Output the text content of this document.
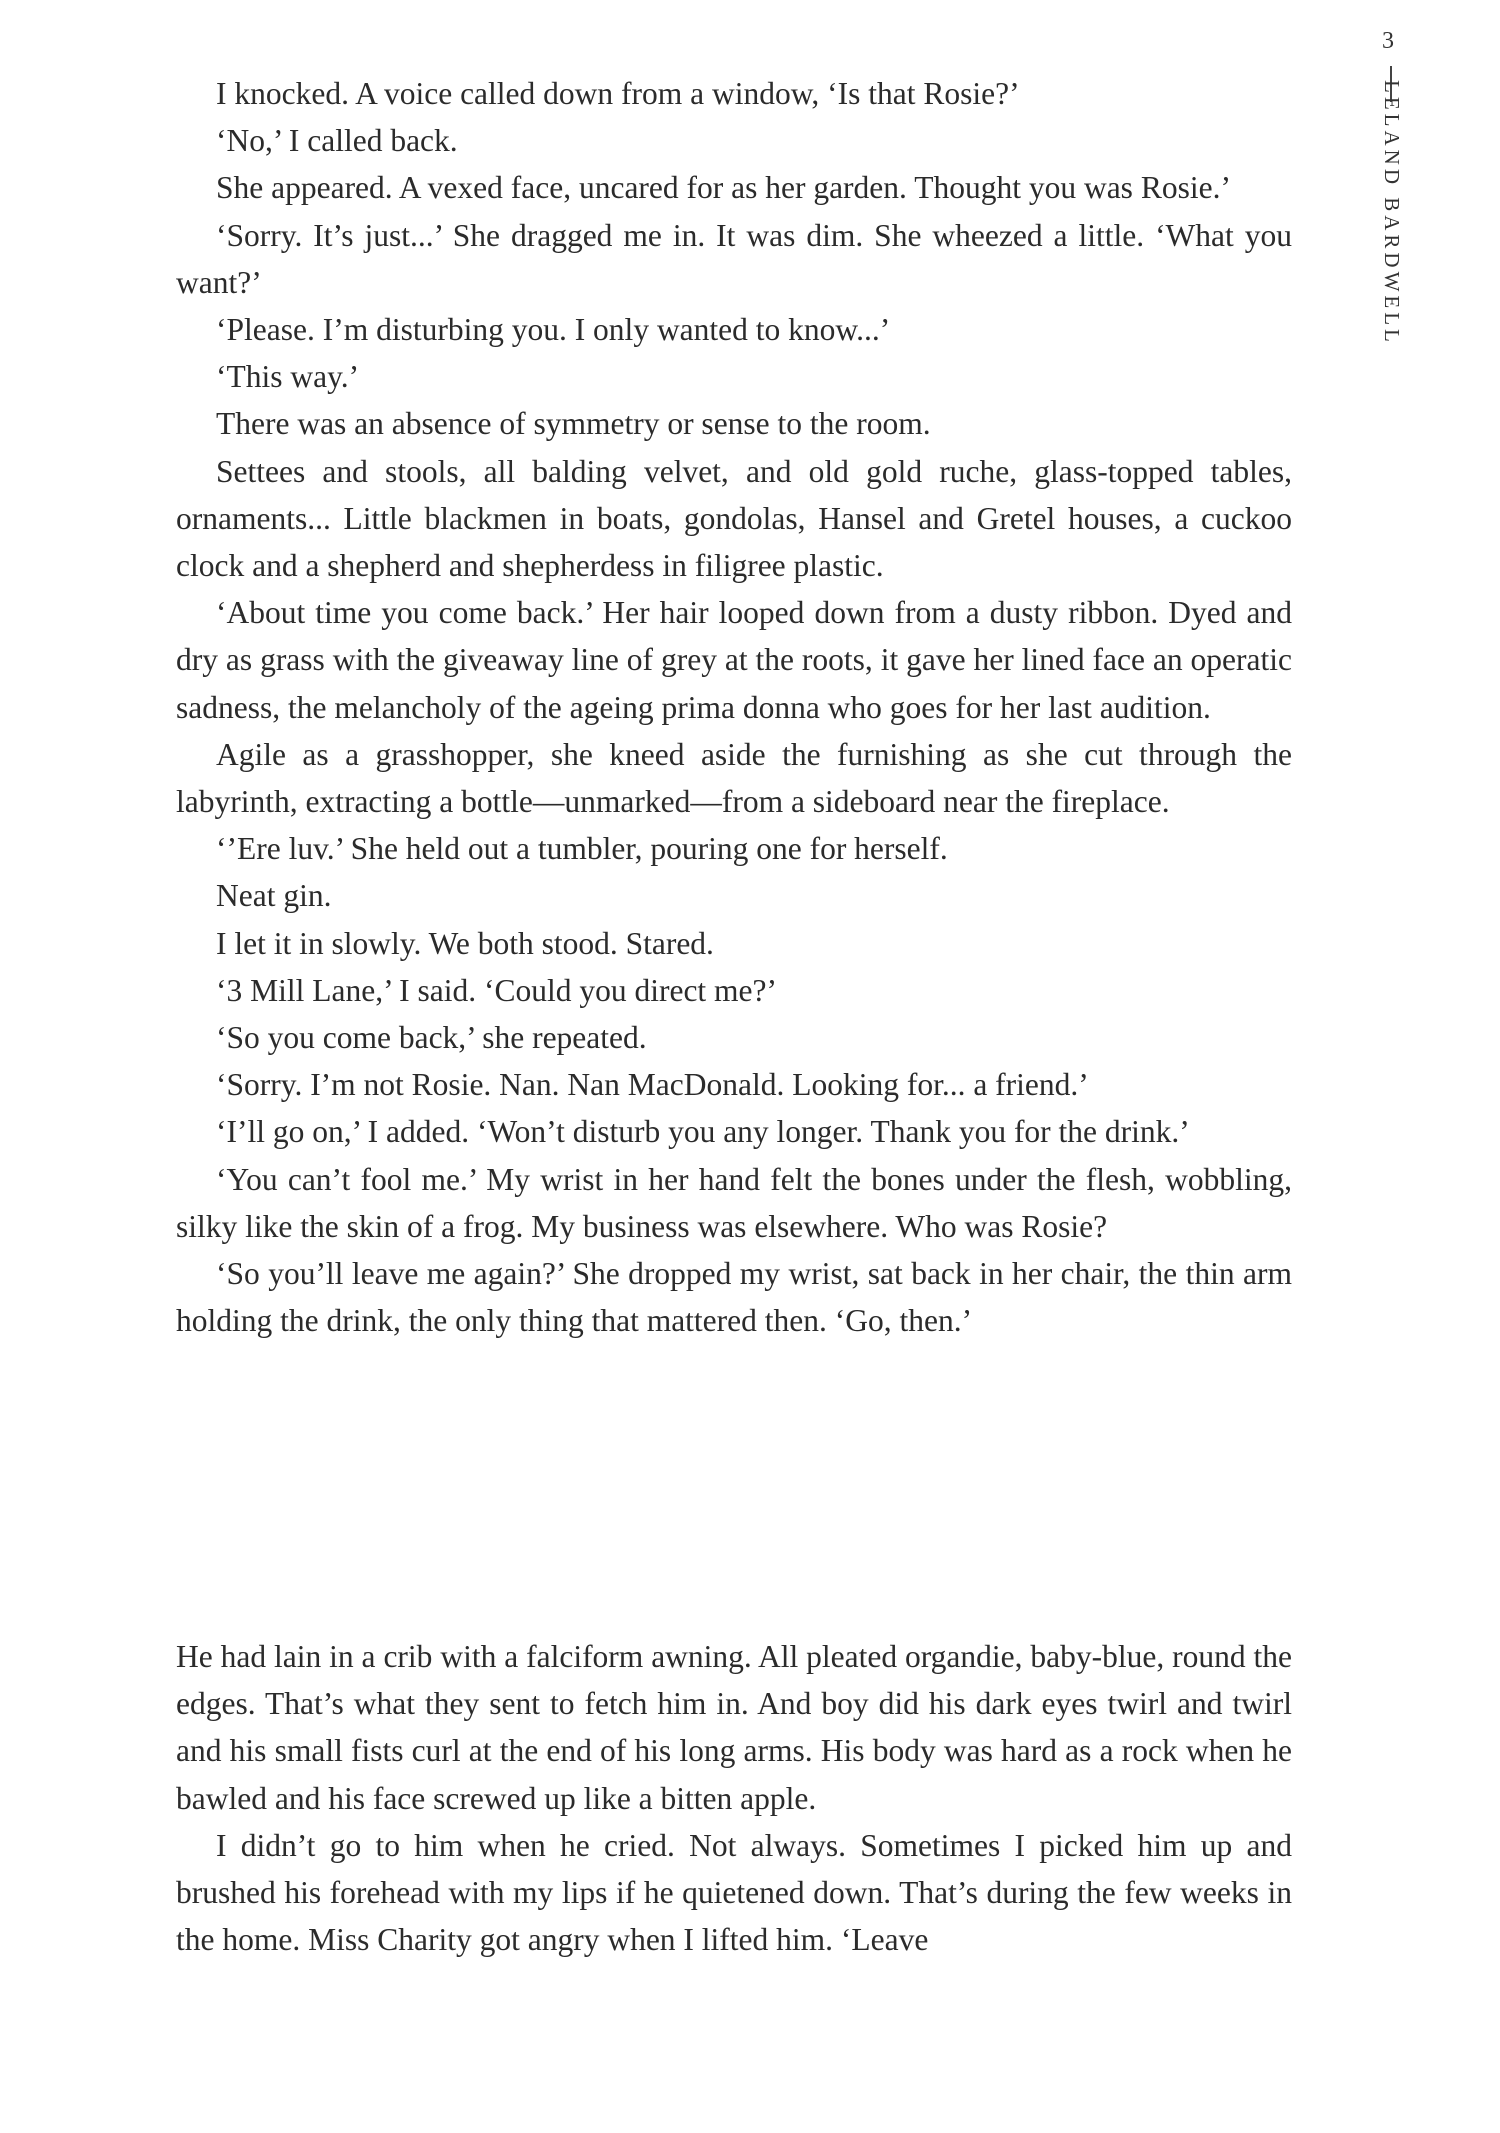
3
LELAND BARDWELL

I knocked. A voice called down from a window, ‘Is that Rosie?’

‘No,’ I called back.

She appeared. A vexed face, uncared for as her garden. Thought you was Rosie.’

‘Sorry. It’s just...’ She dragged me in. It was dim. She wheezed a little. ‘What you want?’

‘Please. I’m disturbing you. I only wanted to know...’

‘This way.’

There was an absence of symmetry or sense to the room.

Settees and stools, all balding velvet, and old gold ruche, glass-topped tables, ornaments... Little blackmen in boats, gondolas, Hansel and Gretel houses, a cuckoo clock and a shepherd and shepherdess in filigree plastic.

‘About time you come back.’ Her hair looped down from a dusty ribbon. Dyed and dry as grass with the giveaway line of grey at the roots, it gave her lined face an operatic sadness, the melancholy of the ageing prima donna who goes for her last audition.

Agile as a grasshopper, she kneed aside the furnishing as she cut through the labyrinth, extracting a bottle—unmarked—from a sideboard near the fireplace.

‘’Ere luv.’ She held out a tumbler, pouring one for herself.

Neat gin.

I let it in slowly. We both stood. Stared.

‘3 Mill Lane,’ I said. ‘Could you direct me?’

‘So you come back,’ she repeated.

‘Sorry. I’m not Rosie. Nan. Nan MacDonald. Looking for... a friend.’

‘I’ll go on,’ I added. ‘Won’t disturb you any longer. Thank you for the drink.’

‘You can’t fool me.’ My wrist in her hand felt the bones under the flesh, wobbling, silky like the skin of a frog. My business was elsewhere. Who was Rosie?

‘So you’ll leave me again?’ She dropped my wrist, sat back in her chair, the thin arm holding the drink, the only thing that mattered then. ‘Go, then.’

He had lain in a crib with a falciform awning. All pleated organdie, baby-blue, round the edges. That’s what they sent to fetch him in. And boy did his dark eyes twirl and twirl and his small fists curl at the end of his long arms. His body was hard as a rock when he bawled and his face screwed up like a bitten apple.

I didn’t go to him when he cried. Not always. Sometimes I picked him up and brushed his forehead with my lips if he quietened down. That’s during the few weeks in the home. Miss Charity got angry when I lifted him. ‘Leave
